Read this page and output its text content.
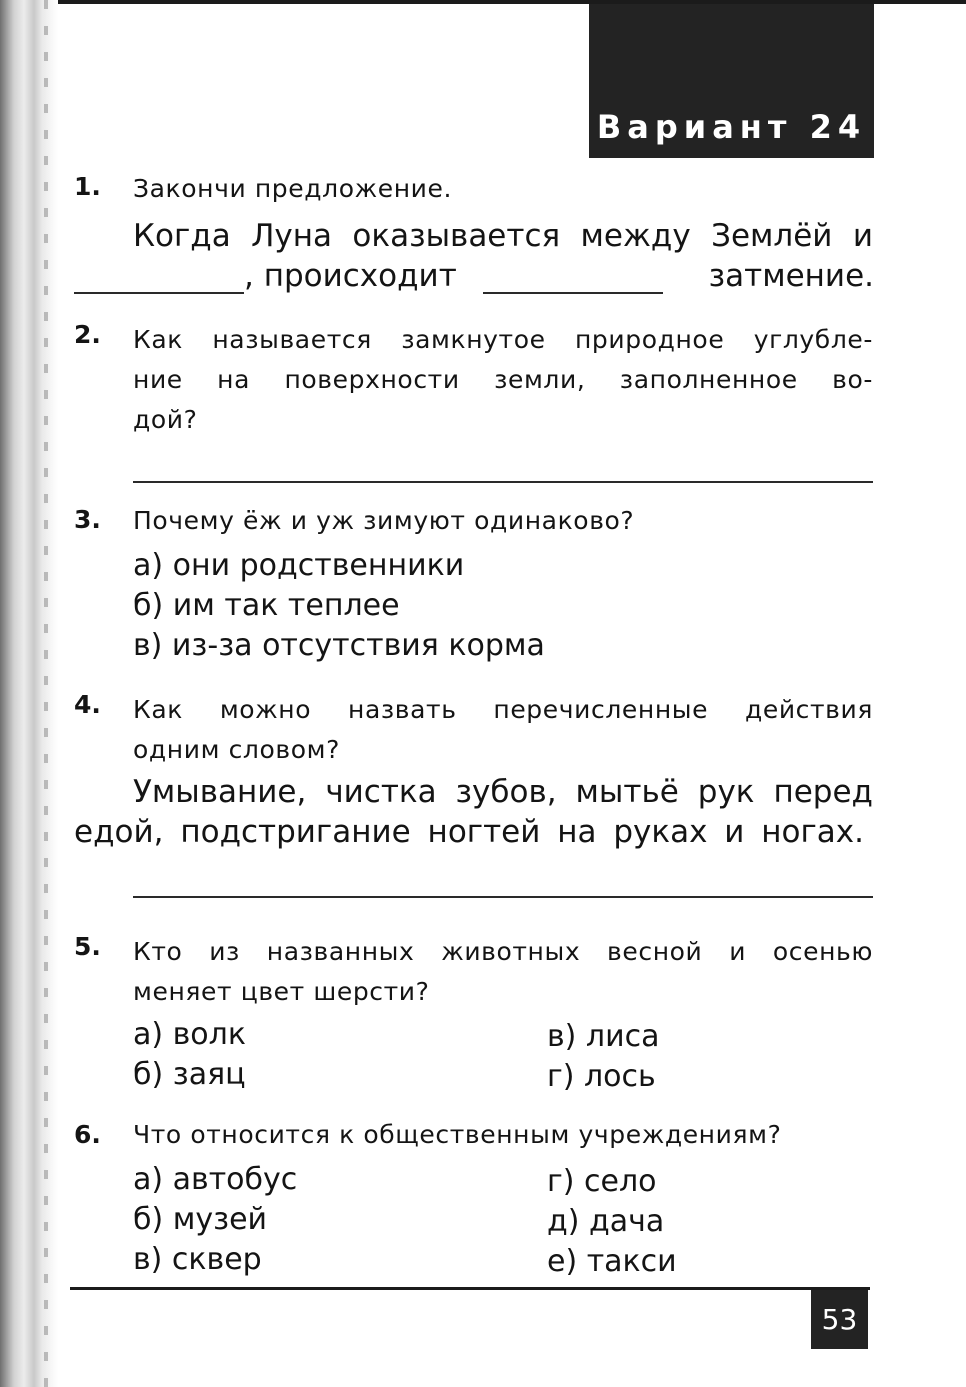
Вариант 24
1. Закончи предложение.
Когда Луна оказывается между Землёй и
, происходит	затмение.
2. Как называется замкнутое природное углубле-
ние на поверхности земли, заполненное во-
дой?
3. Почему ёж и уж зимуют одинаково?
а) они родственники
б) им так теплее
в) из-за отсутствия корма
4. Как можно назвать перечисленные действия
одним словом?
Умывание, чистка зубов, мытьё рук перед
едой, подстригание ногтей на руках и ногах.
5. Кто из названных животных весной и осенью
меняет цвет шерсти?
а) волк
б) заяц
в) лиса
г) лось
6. Что относится к общественным учреждениям?
а) автобус
б) музей
в) сквер
г) село
д) дача
е) такси
53
